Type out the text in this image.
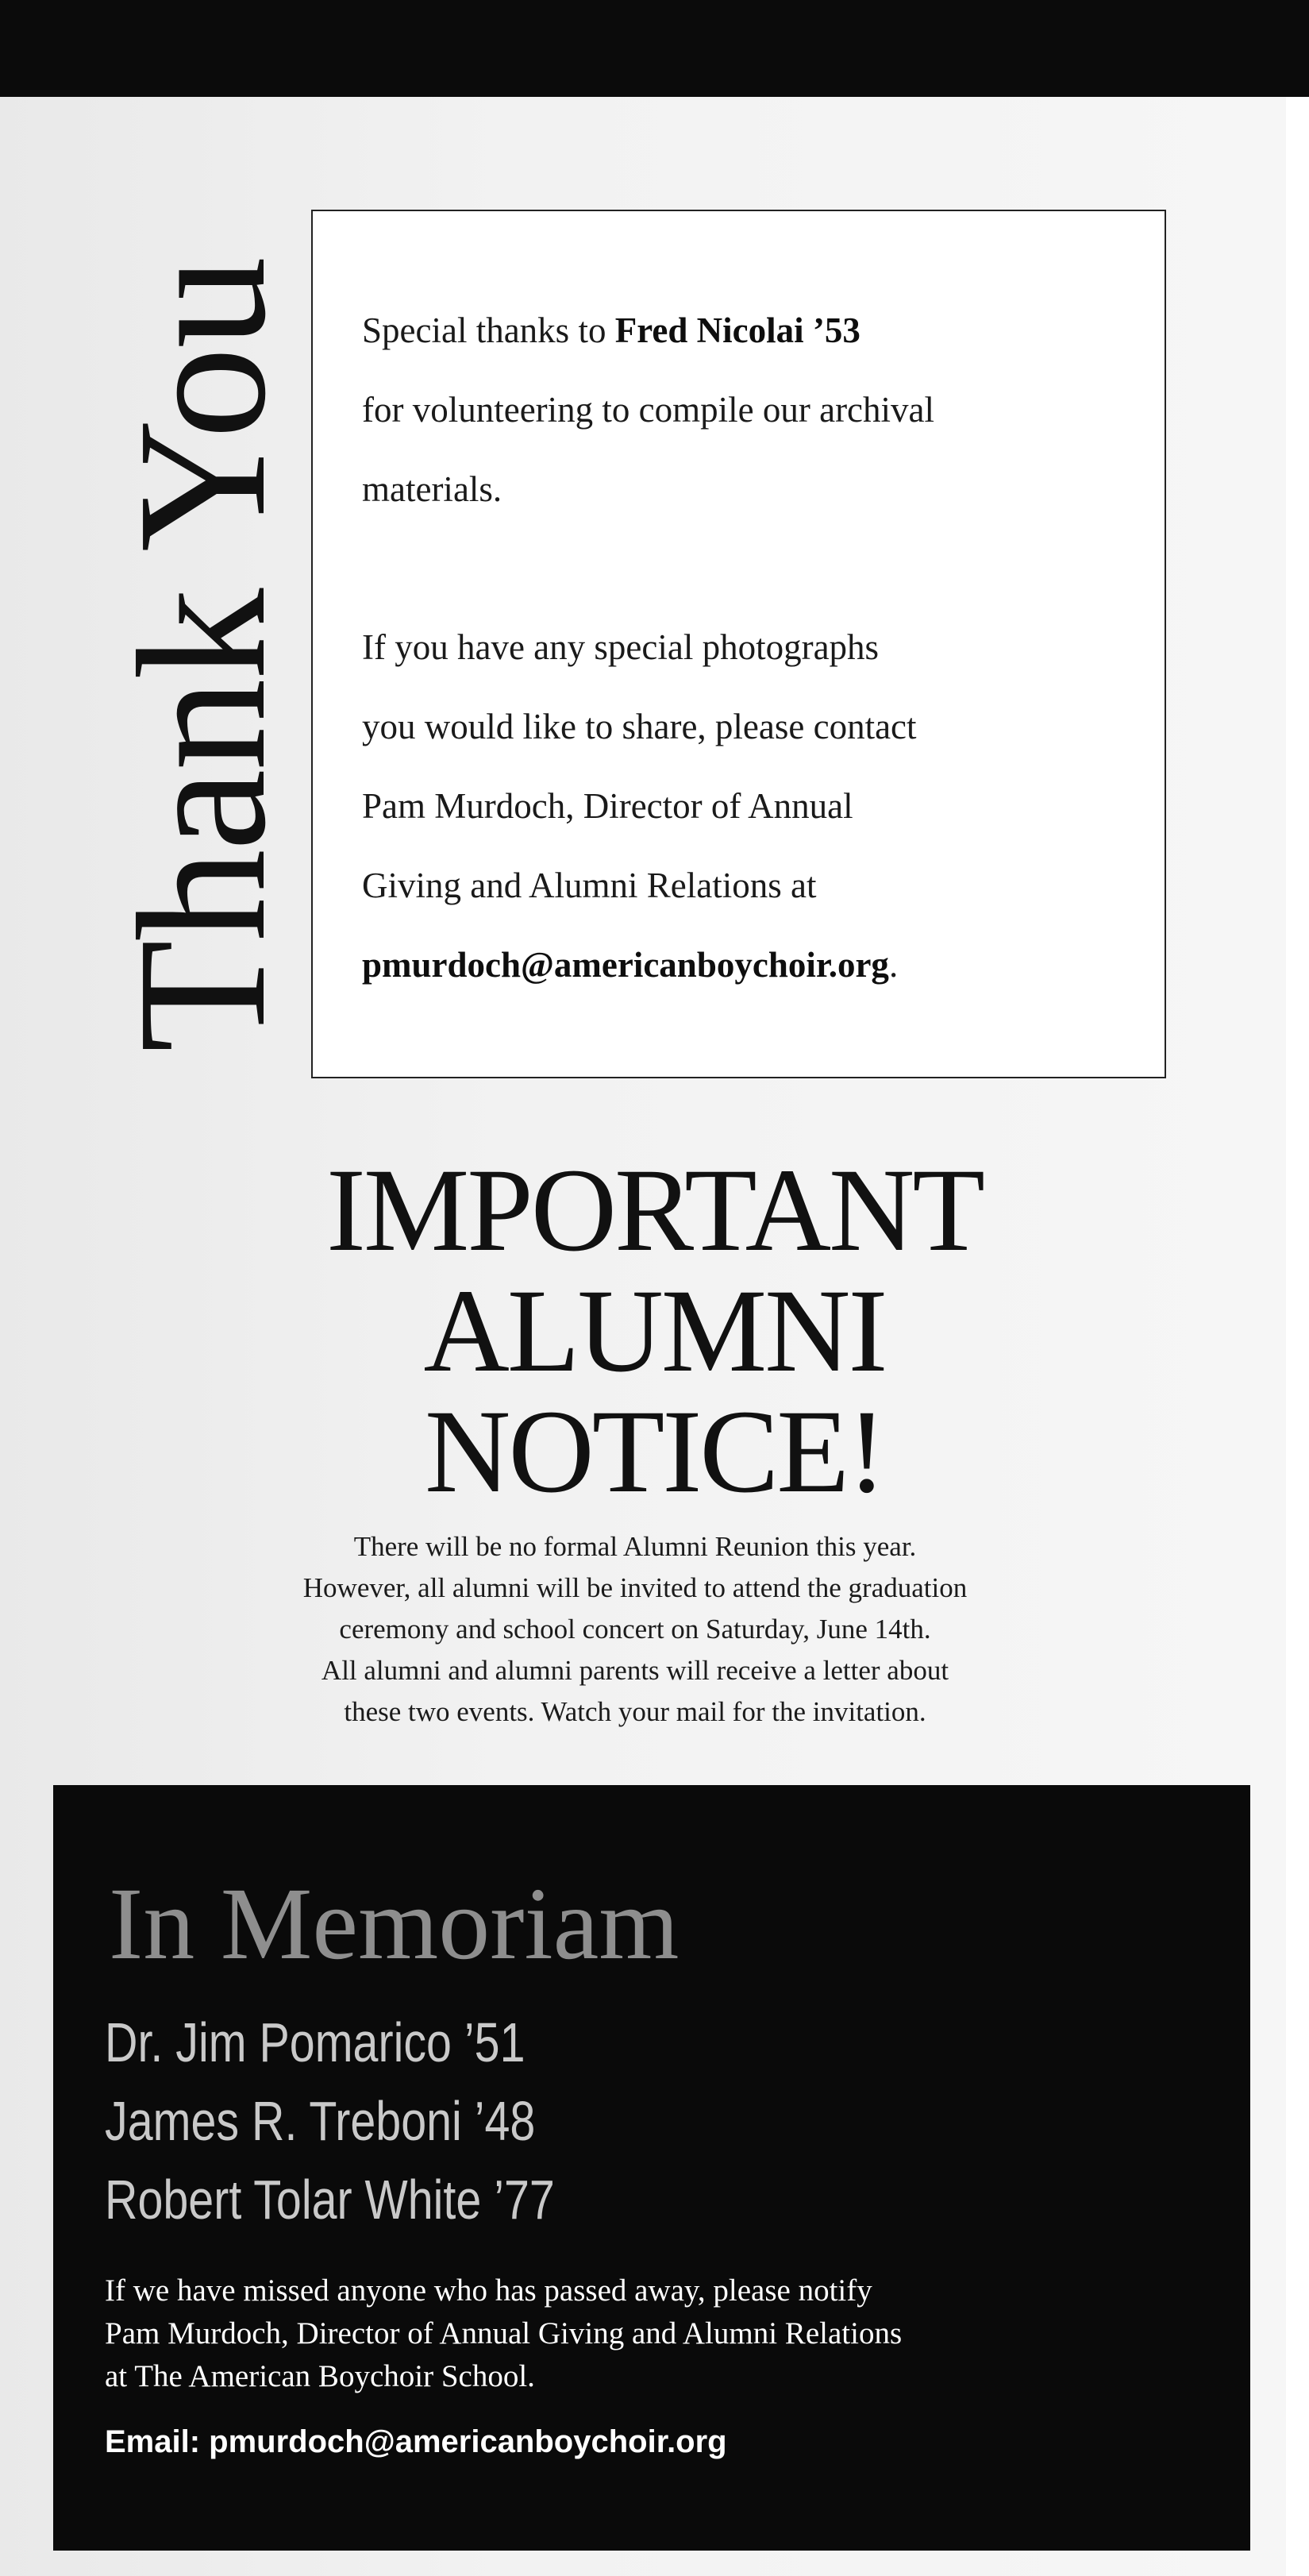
Thank You Special thanks to Fred Nicolai ’53
for volunteering to compile our archival
materials.

If you have any special photographs
you would like to share, please contact
Pam Murdoch, Director of Annual
Giving and Alumni Relations at
pmurdoch@americanboychoir.org.

IMPORTANT
ALUMNI
NOTICE!
There will be no formal Alumni Reunion this year.
However, all alumni will be invited to attend the graduation
ceremony and school concert on Saturday, June 14th.
All alumni and alumni parents will receive a letter about
these two events. Watch your mail for the invitation.
In Memoriam
Dr. Jim Pomarico ’51
James R. Treboni ’48
Robert Tolar White ’77
If we have missed anyone who has passed away, please notify
Pam Murdoch, Director of Annual Giving and Alumni Relations
at The American Boychoir School.
Email: pmurdoch@americanboychoir.org
